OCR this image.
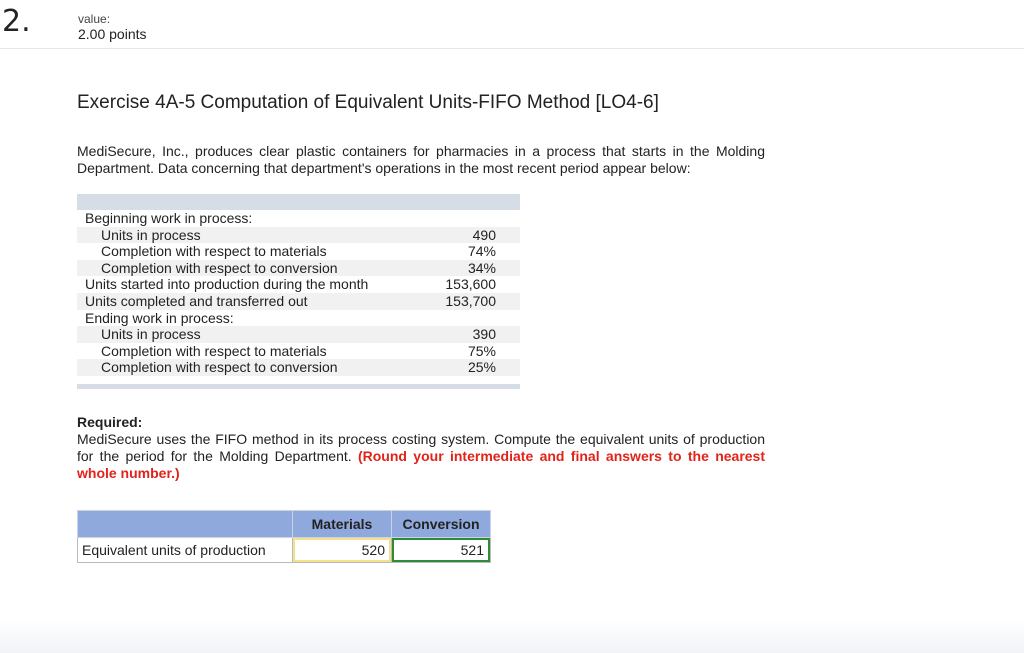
2.	value:
2.00 points
Exercise 4A-5 Computation of Equivalent Units-FIFO Method [LO4-6]
MediSecure, Inc., produces clear plastic containers for pharmacies in a process that starts in the Molding Department. Data concerning that department's operations in the most recent period appear below:

Beginning work in process:	
Units in process	490
Completion with respect to materials	74%
Completion with respect to conversion	34%
Units started into production during the month	153,600
Units completed and transferred out	153,700
Ending work in process:	
Units in process	390
Completion with respect to materials	75%
Completion with respect to conversion	25%

Required:
MediSecure uses the FIFO method in its process costing system. Compute the equivalent units of production for the period for the Molding Department. (Round your intermediate and final answers to the nearest whole number.)
	Materials	Conversion
Equivalent units of production	520	521
